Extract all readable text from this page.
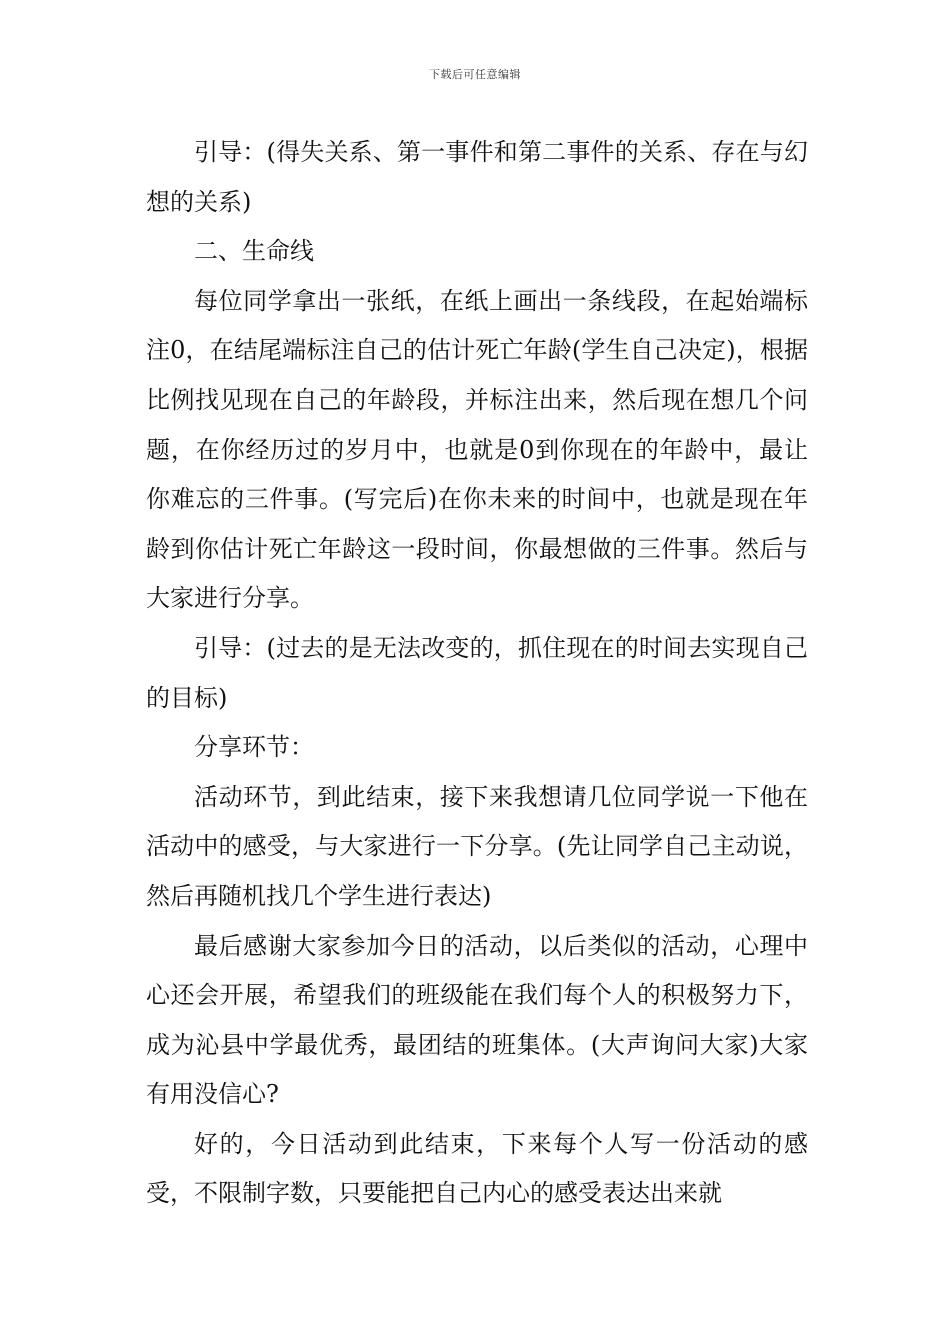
下载后可任意编辑

引导：(得失关系、第一事件和第二事件的关系、存在与幻想的关系)

二、生命线

每位同学拿出一张纸，在纸上画出一条线段，在起始端标注0，在结尾端标注自己的估计死亡年龄(学生自己决定)，根据比例找见现在自己的年龄段，并标注出来，然后现在想几个问题，在你经历过的岁月中，也就是0到你现在的年龄中，最让你难忘的三件事。(写完后)在你未来的时间中，也就是现在年龄到你估计死亡年龄这一段时间，你最想做的三件事。然后与大家进行分享。

引导：(过去的是无法改变的，抓住现在的时间去实现自己的目标)

分享环节：

活动环节，到此结束，接下来我想请几位同学说一下他在活动中的感受，与大家进行一下分享。(先让同学自己主动说，然后再随机找几个学生进行表达)

最后感谢大家参加今日的活动，以后类似的活动，心理中心还会开展，希望我们的班级能在我们每个人的积极努力下，成为沁县中学最优秀，最团结的班集体。(大声询问大家)大家有用没信心?

好的，今日活动到此结束，下来每个人写一份活动的感受，不限制字数，只要能把自己内心的感受表达出来就
